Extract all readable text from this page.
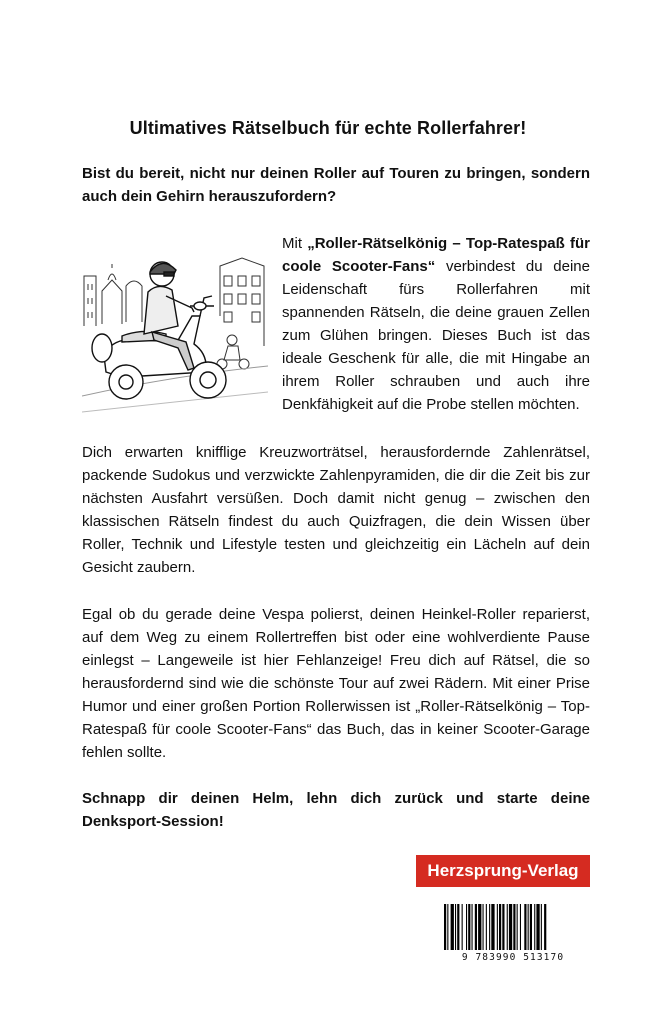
Ultimatives Rätselbuch für echte Rollerfahrer!
Bist du bereit, nicht nur deinen Roller auf Touren zu bringen, sondern auch dein Gehirn herauszufordern?
Mit „Roller-Rätselkönig – Top-Ratespaß für coole Scooter-Fans“ verbindest du deine Leidenschaft fürs Rollerfahren mit spannenden Rätseln, die deine grauen Zellen zum Glühen bringen. Dieses Buch ist das ideale Geschenk für alle, die mit Hingabe an ihrem Roller schrauben und auch ihre Denkfähigkeit auf die Probe stellen möchten.
Dich erwarten knifflige Kreuzworträtsel, herausfordernde Zahlenrätsel, packende Sudokus und verzwickte Zahlenpyramiden, die dir die Zeit bis zur nächsten Ausfahrt versüßen. Doch damit nicht genug – zwischen den klassischen Rätseln findest du auch Quizfragen, die dein Wissen über Roller, Technik und Lifestyle testen und gleichzeitig ein Lächeln auf dein Gesicht zaubern.
Egal ob du gerade deine Vespa polierst, deinen Heinkel-Roller reparierst, auf dem Weg zu einem Rollertreffen bist oder eine wohlverdiente Pause einlegst – Langeweile ist hier Fehlanzeige! Freu dich auf Rätsel, die so herausfordernd sind wie die schönste Tour auf zwei Rädern. Mit einer Prise Humor und einer großen Portion Rollerwissen ist „Roller-Rätselkönig – Top-Ratespaß für coole Scooter-Fans“ das Buch, das in keiner Scooter-Garage fehlen sollte.
Schnapp dir deinen Helm, lehn dich zurück und starte deine Denksport-Session!
Herzsprung-Verlag
9 783990 513170
